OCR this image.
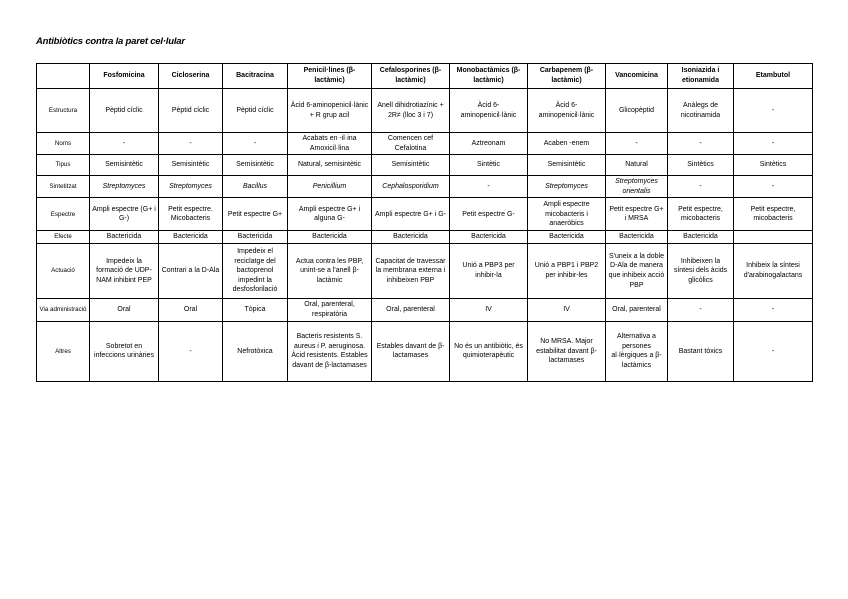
Antibiòtics contra la paret cel·lular
	Fosfomicina	Cicloserina	Bacitracina	Penicil·lines (β-lactàmic)	Cefalosporines (β-lactàmic)	Monobactàmics (β-lactàmic)	Carbapenem (β-lactàmic)	Vancomicina	Isoniazida i etionamida	Etambutol
Estructura	Pèptid cíclic	Pèptid cíclic	Pèptid cíclic	Àcid 6-aminopenicil·lànic + R grup acil	Anell dihidrotiazínic + 2R≠ (lloc 3 i 7)	Àcid 6-aminopenicil·lànic	Àcid 6-aminopenicil·lànic	Glicopèptid	Anàlegs de nicotinamida	-
Noms	-	-	-	Acabats en -il·ina Amoxicil·lina	Comencen cef Cefalotina	Aztreonam	Acaben -enem	-	-	-
Tipus	Semisintètic	Semisintètic	Semisintètic	Natural, semisintètic	Semisintètic	Sintètic	Semisintètic	Natural	Sintètics	Sintètics
Sintetitzat	Streptomyces	Streptomyces	Bacillus	Penicillium	Cephalosporidium	-	Streptomyces	Streptomyces orientalis	-	-
Espectre	Ampli espectre (G+ i G-)	Petit espectre. Micobacteris	Petit espectre G+	Ampli espectre G+ i alguna G-	Ampli espectre G+ i G-	Petit espectre G-	Ampli espectre micobacteris i anaeròbics	Petit espectre G+ i MRSA	Petit espectre, micobacteris	Petit espectre, micobacteris
Efecte	Bactericida	Bactericida	Bactericida	Bactericida	Bactericida	Bactericida	Bactericida	Bactericida	Bactericida	
Actuació	Impedeix la formació de UDP-NAM inhibint PEP	Contrari a la D-Ala	Impedeix el reciclatge del bactoprenol impedint la desfosforilació	Actua contra les PBP, unint-se a l'anell β-lactàmic	Capacitat de travessar la membrana externa i inhibeixen PBP	Unió a PBP3 per inhibir-la	Unió a PBP1 i PBP2 per inhibir-les	S'uneix a la doble D-Ala de manera que inhibeix acció PBP	Inhibeixen la síntesi dels àcids glicòlics	Inhibeix la síntesi d'arabinogalactans
Via administració	Oral	Oral	Tòpica	Oral, parenteral, respiratòria	Oral, parenteral	IV	IV	Oral, parenteral	-	-
Altres	Sobretot en infeccions urinàries	-	Nefrotòxica	Bacteris resistents S. aureus i P. aeruginosa. Àcid resistents. Estables davant de β-lactamases	Estables davant de β-lactamases	No és un antibiòtic, és quimioterapèutic	No MRSA. Major estabilitat davant β-lactamases	Alternativa a persones al·lèrgiques a β-lactàmics	Bastant tòxics	-
